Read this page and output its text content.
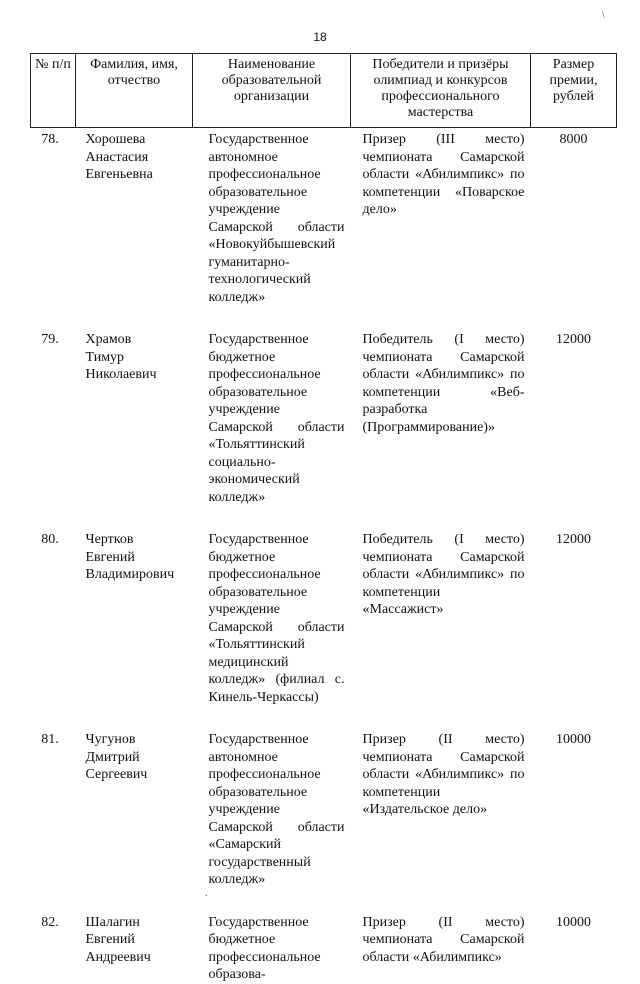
18
\
.
№ п/п	Фамилия, имя, отчество	Наименование образовательной организации	Победители и призёры олимпиад и конкурсов профессионального мастерства	Размер премии, рублей
78.	Хорошева
Анастасия
Евгеньевна	Государственное автономное профессиональное образовательное учреждение Самарской области «Новокуйбышевский гуманитарно-технологический колледж»	Призер (III место) чемпионата Самарской области «Абилимпикс» по компетенции «Поварское дело»	8000
79.	Храмов
Тимур
Николаевич	Государственное бюджетное профессиональное образовательное учреждение Самарской области «Тольяттинский социально-экономический колледж»	Победитель (I место) чемпионата Самарской области «Абилимпикс» по компетенции «Веб-разработка (Программирование)»	12000
80.	Чертков
Евгений
Владимирович	Государственное бюджетное профессиональное образовательное учреждение Самарской области «Тольяттинский медицинский колледж» (филиал с. Кинель-Черкассы)	Победитель (I место) чемпионата Самарской области «Абилимпикс» по компетенции «Массажист»	12000
81.	Чугунов
Дмитрий
Сергеевич	Государственное автономное профессиональное образовательное учреждение Самарской области «Самарский государственный колледж»	Призер (II место) чемпионата Самарской области «Абилимпикс» по компетенции «Издательское дело»	10000
82.	Шалагин
Евгений
Андреевич	Государственное бюджетное профессиональное образова-	Призер (II место) чемпионата Самарской области «Абилимпикс»	10000
